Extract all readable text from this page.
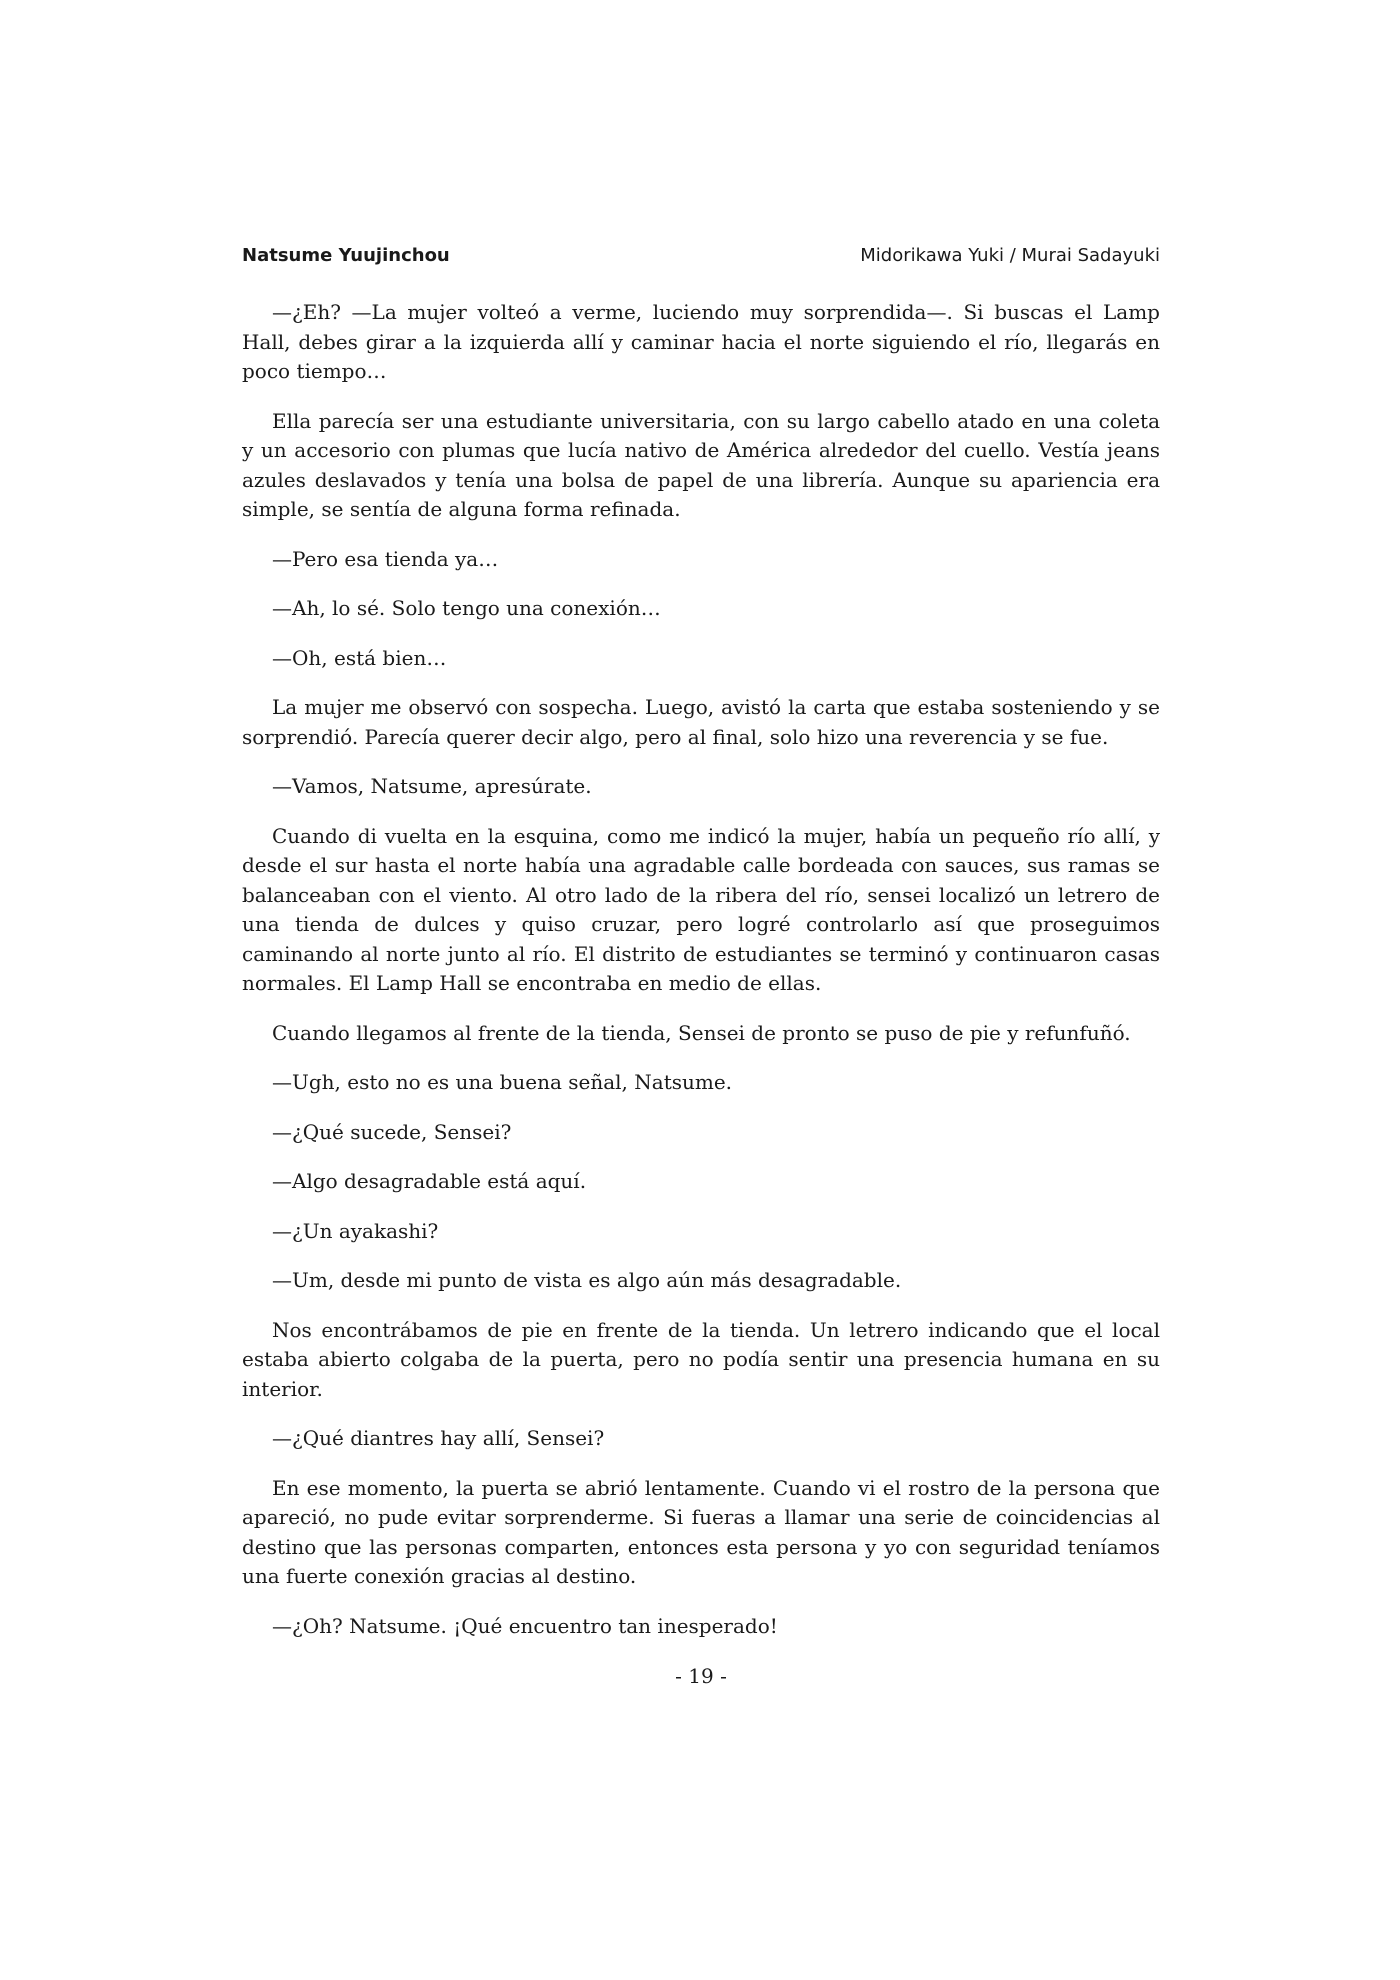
Natsume Yuujinchou	Midorikawa Yuki / Murai Sadayuki

—¿Eh? —La mujer volteó a verme, luciendo muy sorprendida—. Si buscas el Lamp Hall, debes girar a la izquierda allí y caminar hacia el norte siguiendo el río, llegarás en poco tiempo…

Ella parecía ser una estudiante universitaria, con su largo cabello atado en una coleta y un accesorio con plumas que lucía nativo de América alrededor del cuello. Vestía jeans azules deslavados y tenía una bolsa de papel de una librería. Aunque su apariencia era simple, se sentía de alguna forma refinada.

—Pero esa tienda ya…

—Ah, lo sé. Solo tengo una conexión…

—Oh, está bien…

La mujer me observó con sospecha. Luego, avistó la carta que estaba sosteniendo y se sorprendió. Parecía querer decir algo, pero al final, solo hizo una reverencia y se fue.

—Vamos, Natsume, apresúrate.

Cuando di vuelta en la esquina, como me indicó la mujer, había un pequeño río allí, y desde el sur hasta el norte había una agradable calle bordeada con sauces, sus ramas se balanceaban con el viento. Al otro lado de la ribera del río, sensei localizó un letrero de una tienda de dulces y quiso cruzar, pero logré controlarlo así que proseguimos caminando al norte junto al río. El distrito de estudiantes se terminó y continuaron casas normales. El Lamp Hall se encontraba en medio de ellas.

Cuando llegamos al frente de la tienda, Sensei de pronto se puso de pie y refunfuñó.

—Ugh, esto no es una buena señal, Natsume.

—¿Qué sucede, Sensei?

—Algo desagradable está aquí.

—¿Un ayakashi?

—Um, desde mi punto de vista es algo aún más desagradable.

Nos encontrábamos de pie en frente de la tienda. Un letrero indicando que el local estaba abierto colgaba de la puerta, pero no podía sentir una presencia humana en su interior.

—¿Qué diantres hay allí, Sensei?

En ese momento, la puerta se abrió lentamente. Cuando vi el rostro de la persona que apareció, no pude evitar sorprenderme. Si fueras a llamar una serie de coincidencias al destino que las personas comparten, entonces esta persona y yo con seguridad teníamos una fuerte conexión gracias al destino.

—¿Oh? Natsume. ¡Qué encuentro tan inesperado!

- 19 -
